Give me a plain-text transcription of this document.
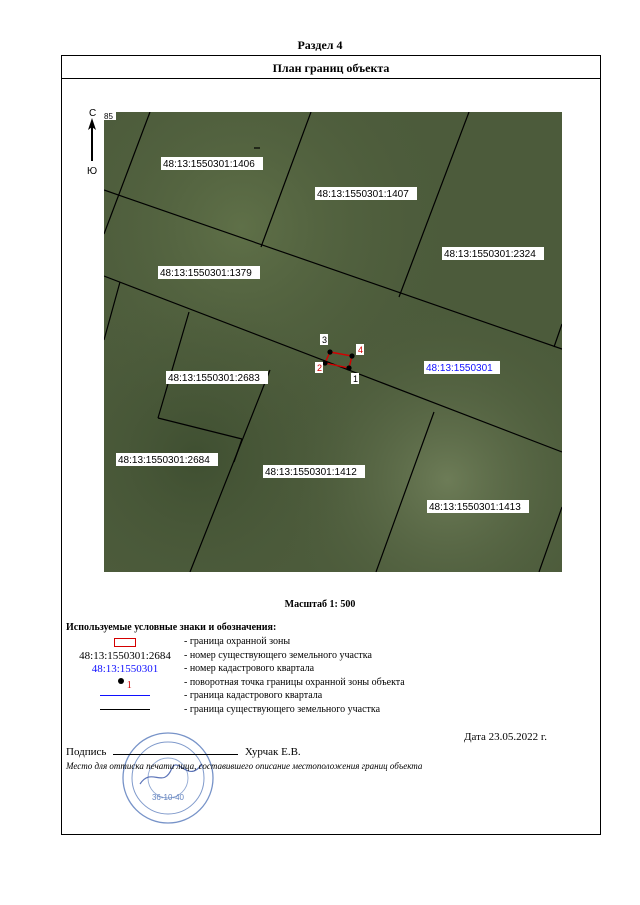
Раздел 4
План границ объекта
С
Ю
1
2
3
4
85
48:13:1550301:1406
48:13:1550301:1407
48:13:1550301:2324
48:13:1550301:1379
48:13:1550301:2683
48:13:1550301:2684
48:13:1550301:1412
48:13:1550301:1413
48:13:1550301
Масштаб 1: 500
Используемые условные знаки и обозначения:
- граница охранной зоны
48:13:1550301:2684	- номер существующего земельного участка
48:13:1550301	- номер кадастрового квартала
1	- поворотная точка границы охранной зоны объекта
- граница кадастрового квартала
- граница существующего земельного участка
Дата 23.05.2022 г.
36-10-40
Подпись	Хурчак Е.В.
Место для оттиска печати лица, составившего описание местоположения границ объекта
